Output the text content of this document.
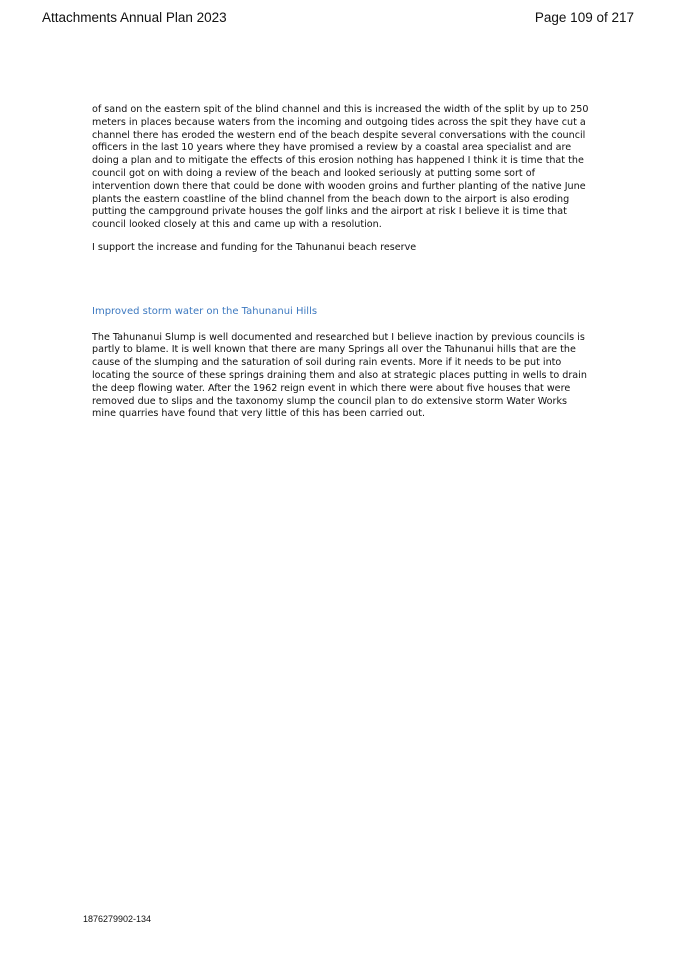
Attachments Annual Plan 2023	Page 109 of 217

of sand on the eastern spit of the blind channel and this is increased the width of the split by up to 250 meters in places because waters from the incoming and outgoing tides across the spit they have cut a channel there has eroded the western end of the beach despite several conversations with the council officers in the last 10 years where they have promised a review by a coastal area specialist and are doing a plan and to mitigate the effects of this erosion nothing has happened I think it is time that the council got on with doing a review of the beach and looked seriously at putting some sort of intervention down there that could be done with wooden groins and further planting of the native June plants the eastern coastline of the blind channel from the beach down to the airport is also eroding putting the campground private houses the golf links and the airport at risk I believe it is time that council looked closely at this and came up with a resolution.

I support the increase and funding for the Tahunanui beach reserve

Improved storm water on the Tahunanui Hills

The Tahunanui Slump is well documented and researched but I believe inaction by previous councils is partly to blame. It is well known that there are many Springs all over the Tahunanui hills that are the cause of the slumping and the saturation of soil during rain events. More if it needs to be put into locating the source of these springs draining them and also at strategic places putting in wells to drain the deep flowing water. After the 1962 reign event in which there were about five houses that were removed due to slips and the taxonomy slump the council plan to do extensive storm Water Works mine quarries have found that very little of this has been carried out.

1876279902-134
